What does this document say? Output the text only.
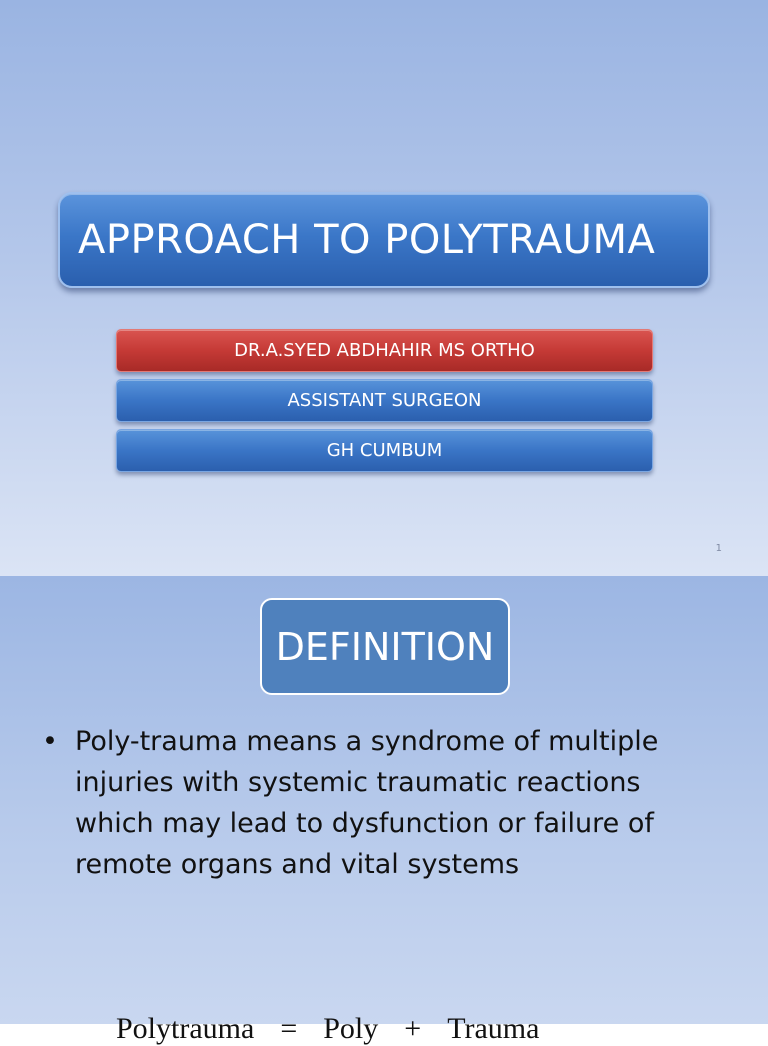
APPROACH TO POLYTRAUMA
DR.A.SYED ABDHAHIR MS ORTHO
ASSISTANT SURGEON
GH CUMBUM
1
DEFINITION
• Poly-trauma means a syndrome of multiple injuries with systemic traumatic reactions which may lead to dysfunction or failure of remote organs and vital systems
Polytrauma = Poly + Trauma
